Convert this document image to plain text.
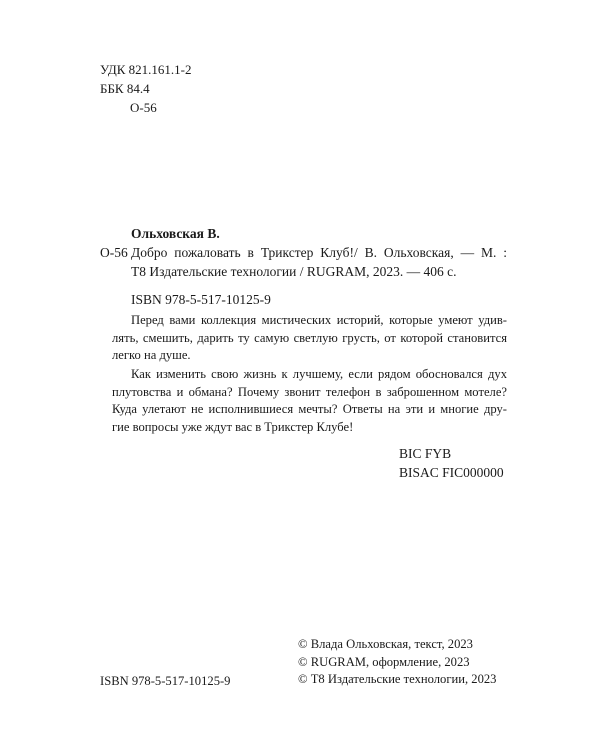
УДК 821.161.1-2
ББК 84.4
О-56
Ольховская В.
О-56 Добро пожаловать в Трикстер Клуб!/ В. Ольховская, — М. :
Т8 Издательские технологии / RUGRAM, 2023. — 406 с.
ISBN 978-5-517-10125-9
Перед вами коллекция мистических историй, которые умеют удив-
лять, смешить, дарить ту самую светлую грусть, от которой становится
легко на душе.
Как изменить свою жизнь к лучшему, если рядом обосновался дух
плутовства и обмана? Почему звонит телефон в заброшенном мотеле?
Куда улетают не исполнившиеся мечты? Ответы на эти и многие дру-
гие вопросы уже ждут вас в Трикстер Клубе!
BIC FYB
BISAC FIC000000
ISBN 978-5-517-10125-9
© Влада Ольховская, текст, 2023
© RUGRAM, оформление, 2023
© Т8 Издательские технологии, 2023
